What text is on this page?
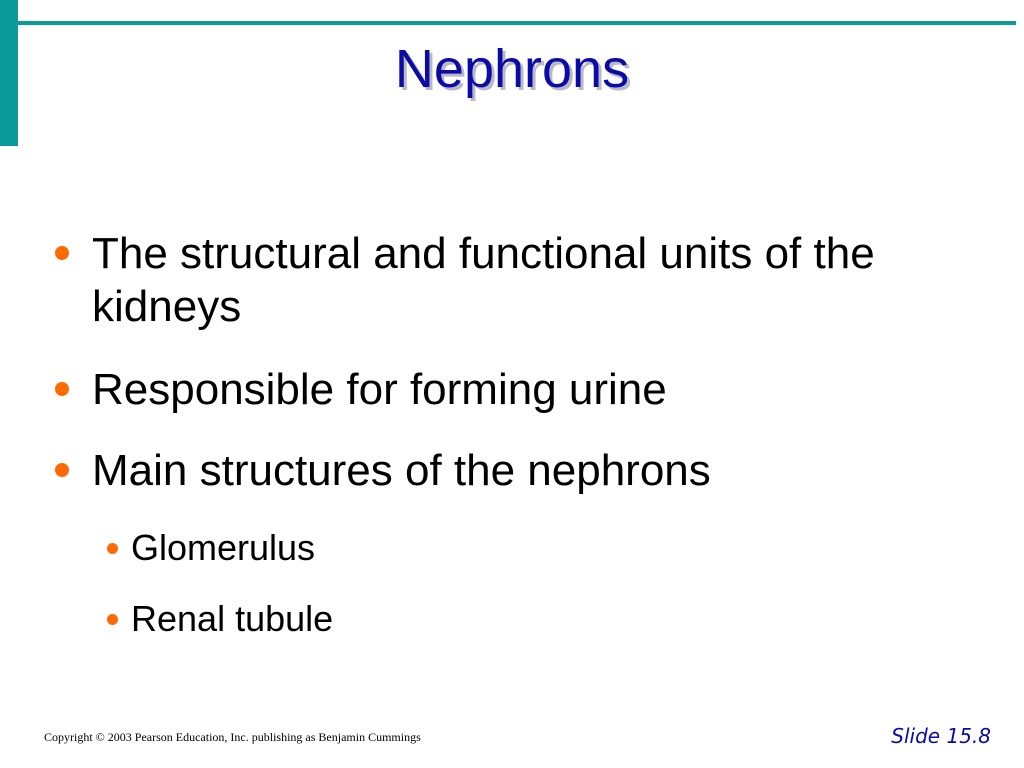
Nephrons
The structural and functional units of the kidneys
Responsible for forming urine
Main structures of the nephrons
Glomerulus
Renal tubule
Copyright © 2003 Pearson Education, Inc. publishing as Benjamin Cummings	Slide 15.8
